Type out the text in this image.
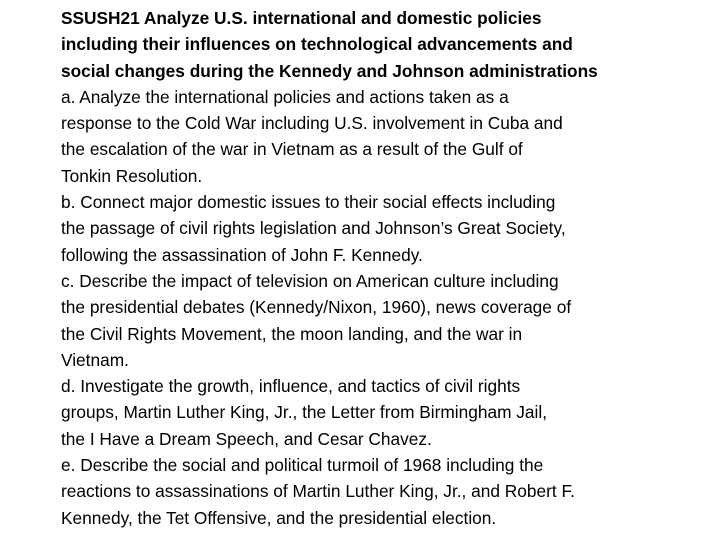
SSUSH21 Analyze U.S. international and domestic policies
including their influences on technological advancements and
social changes during the Kennedy and Johnson administrations
a. Analyze the international policies and actions taken as a
response to the Cold War including U.S. involvement in Cuba and
the escalation of the war in Vietnam as a result of the Gulf of
Tonkin Resolution.
b. Connect major domestic issues to their social effects including
the passage of civil rights legislation and Johnson’s Great Society,
following the assassination of John F. Kennedy.
c. Describe the impact of television on American culture including
the presidential debates (Kennedy/Nixon, 1960), news coverage of
the Civil Rights Movement, the moon landing, and the war in
Vietnam.
d. Investigate the growth, influence, and tactics of civil rights
groups, Martin Luther King, Jr., the Letter from Birmingham Jail,
the I Have a Dream Speech, and Cesar Chavez.
e. Describe the social and political turmoil of 1968 including the
reactions to assassinations of Martin Luther King, Jr., and Robert F.
Kennedy, the Tet Offensive, and the presidential election.
